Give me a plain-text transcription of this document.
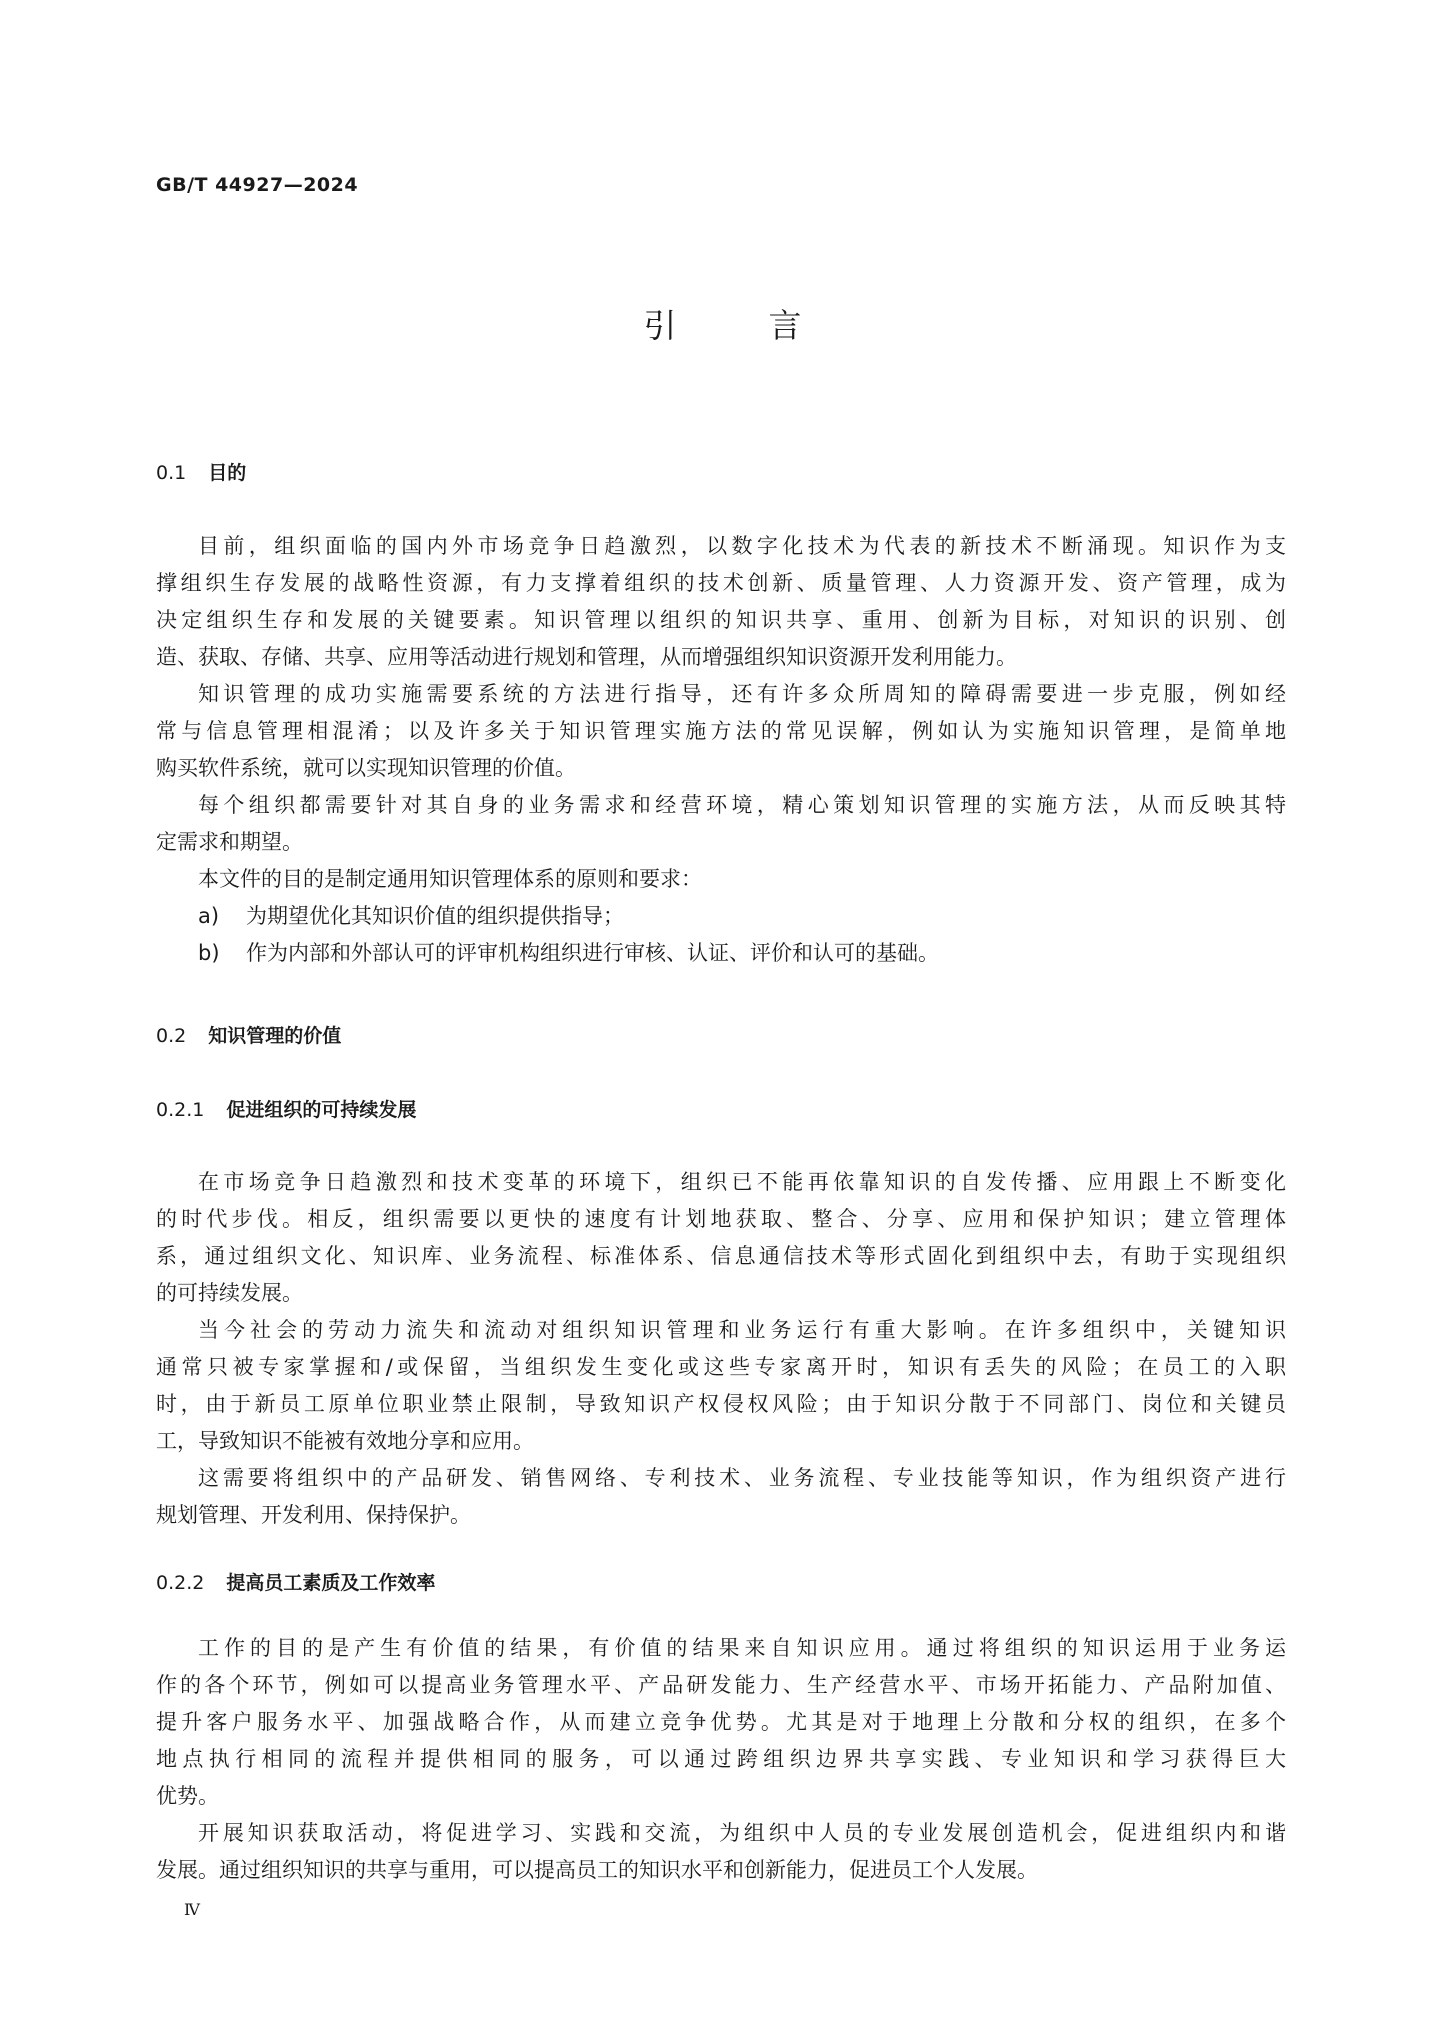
GB/T 44927—2024
引言
0.1 目的
目前，组织面临的国内外市场竞争日趋激烈，以数字化技术为代表的新技术不断涌现。知识作为支
撑组织生存发展的战略性资源，有力支撑着组织的技术创新、质量管理、人力资源开发、资产管理，成为
决定组织生存和发展的关键要素。知识管理以组织的知识共享、重用、创新为目标，对知识的识别、创
造、获取、存储、共享、应用等活动进行规划和管理，从而增强组织知识资源开发利用能力。
知识管理的成功实施需要系统的方法进行指导，还有许多众所周知的障碍需要进一步克服，例如经
常与信息管理相混淆；以及许多关于知识管理实施方法的常见误解，例如认为实施知识管理，是简单地
购买软件系统，就可以实现知识管理的价值。
每个组织都需要针对其自身的业务需求和经营环境，精心策划知识管理的实施方法，从而反映其特
定需求和期望。
本文件的目的是制定通用知识管理体系的原则和要求：
a) 为期望优化其知识价值的组织提供指导；
b) 作为内部和外部认可的评审机构组织进行审核、认证、评价和认可的基础。
0.2 知识管理的价值
0.2.1 促进组织的可持续发展
在市场竞争日趋激烈和技术变革的环境下，组织已不能再依靠知识的自发传播、应用跟上不断变化
的时代步伐。相反，组织需要以更快的速度有计划地获取、整合、分享、应用和保护知识；建立管理体
系，通过组织文化、知识库、业务流程、标准体系、信息通信技术等形式固化到组织中去，有助于实现组织
的可持续发展。
当今社会的劳动力流失和流动对组织知识管理和业务运行有重大影响。在许多组织中，关键知识
通常只被专家掌握和/或保留，当组织发生变化或这些专家离开时，知识有丢失的风险；在员工的入职
时，由于新员工原单位职业禁止限制，导致知识产权侵权风险；由于知识分散于不同部门、岗位和关键员
工，导致知识不能被有效地分享和应用。
这需要将组织中的产品研发、销售网络、专利技术、业务流程、专业技能等知识，作为组织资产进行
规划管理、开发利用、保持保护。
0.2.2 提高员工素质及工作效率
工作的目的是产生有价值的结果，有价值的结果来自知识应用。通过将组织的知识运用于业务运
作的各个环节，例如可以提高业务管理水平、产品研发能力、生产经营水平、市场开拓能力、产品附加值、
提升客户服务水平、加强战略合作，从而建立竞争优势。尤其是对于地理上分散和分权的组织，在多个
地点执行相同的流程并提供相同的服务，可以通过跨组织边界共享实践、专业知识和学习获得巨大
优势。
开展知识获取活动，将促进学习、实践和交流，为组织中人员的专业发展创造机会，促进组织内和谐
发展。通过组织知识的共享与重用，可以提高员工的知识水平和创新能力，促进员工个人发展。
Ⅳ
